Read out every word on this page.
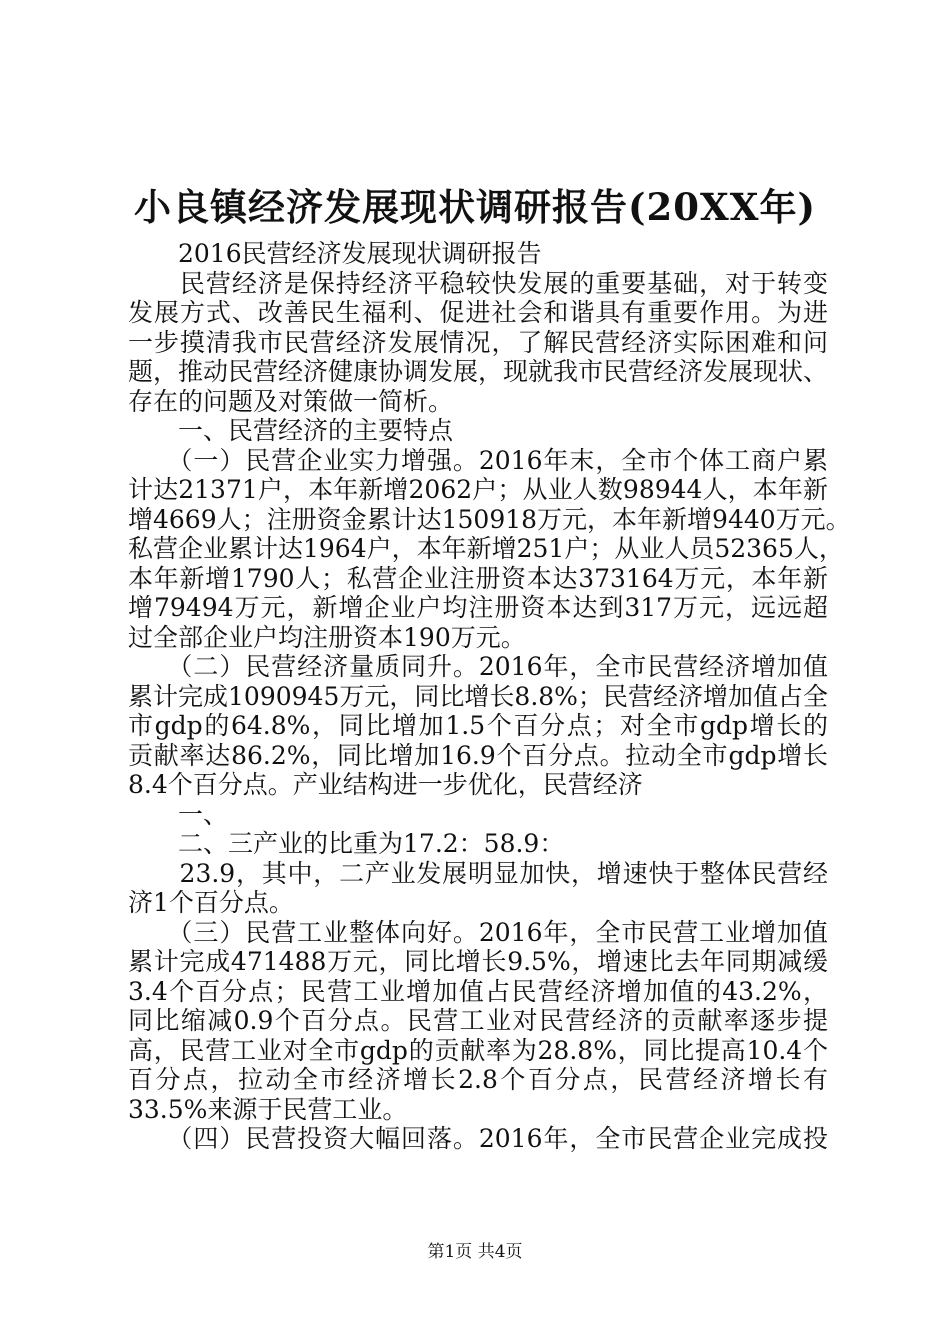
小良镇经济发展现状调研报告(20XX年)
　　2016民营经济发展现状调研报告
　　民营经济是保持经济平稳较快发展的重要基础，对于转变
发展方式、改善民生福利、促进社会和谐具有重要作用。为进
一步摸清我市民营经济发展情况，了解民营经济实际困难和问
题，推动民营经济健康协调发展，现就我市民营经济发展现状、
存在的问题及对策做一简析。
　　一、民营经济的主要特点
　　（一）民营企业实力增强。2016年末，全市个体工商户累
计达21371户，本年新增2062户；从业人数98944人，本年新
增4669人；注册资金累计达150918万元，本年新增9440万元。
私营企业累计达1964户，本年新增251户；从业人员52365人，
本年新增1790人；私营企业注册资本达373164万元，本年新
增79494万元，新增企业户均注册资本达到317万元，远远超
过全部企业户均注册资本190万元。
　　（二）民营经济量质同升。2016年，全市民营经济增加值
累计完成1090945万元，同比增长8.8%；民营经济增加值占全
市gdp的64.8%，同比增加1.5个百分点；对全市gdp增长的
贡献率达86.2%，同比增加16.9个百分点。拉动全市gdp增长
8.4个百分点。产业结构进一步优化，民营经济
　　一、
　　二、三产业的比重为17.2：58.9：
　　23.9，其中，二产业发展明显加快，增速快于整体民营经
济1个百分点。
　　（三）民营工业整体向好。2016年，全市民营工业增加值
累计完成471488万元，同比增长9.5%，增速比去年同期减缓
3.4个百分点；民营工业增加值占民营经济增加值的43.2%，
同比缩减0.9个百分点。民营工业对民营经济的贡献率逐步提
高，民营工业对全市gdp的贡献率为28.8%，同比提高10.4个
百分点，拉动全市经济增长2.8个百分点，民营经济增长有
33.5%来源于民营工业。
　　（四）民营投资大幅回落。2016年，全市民营企业完成投
第1页 共4页
